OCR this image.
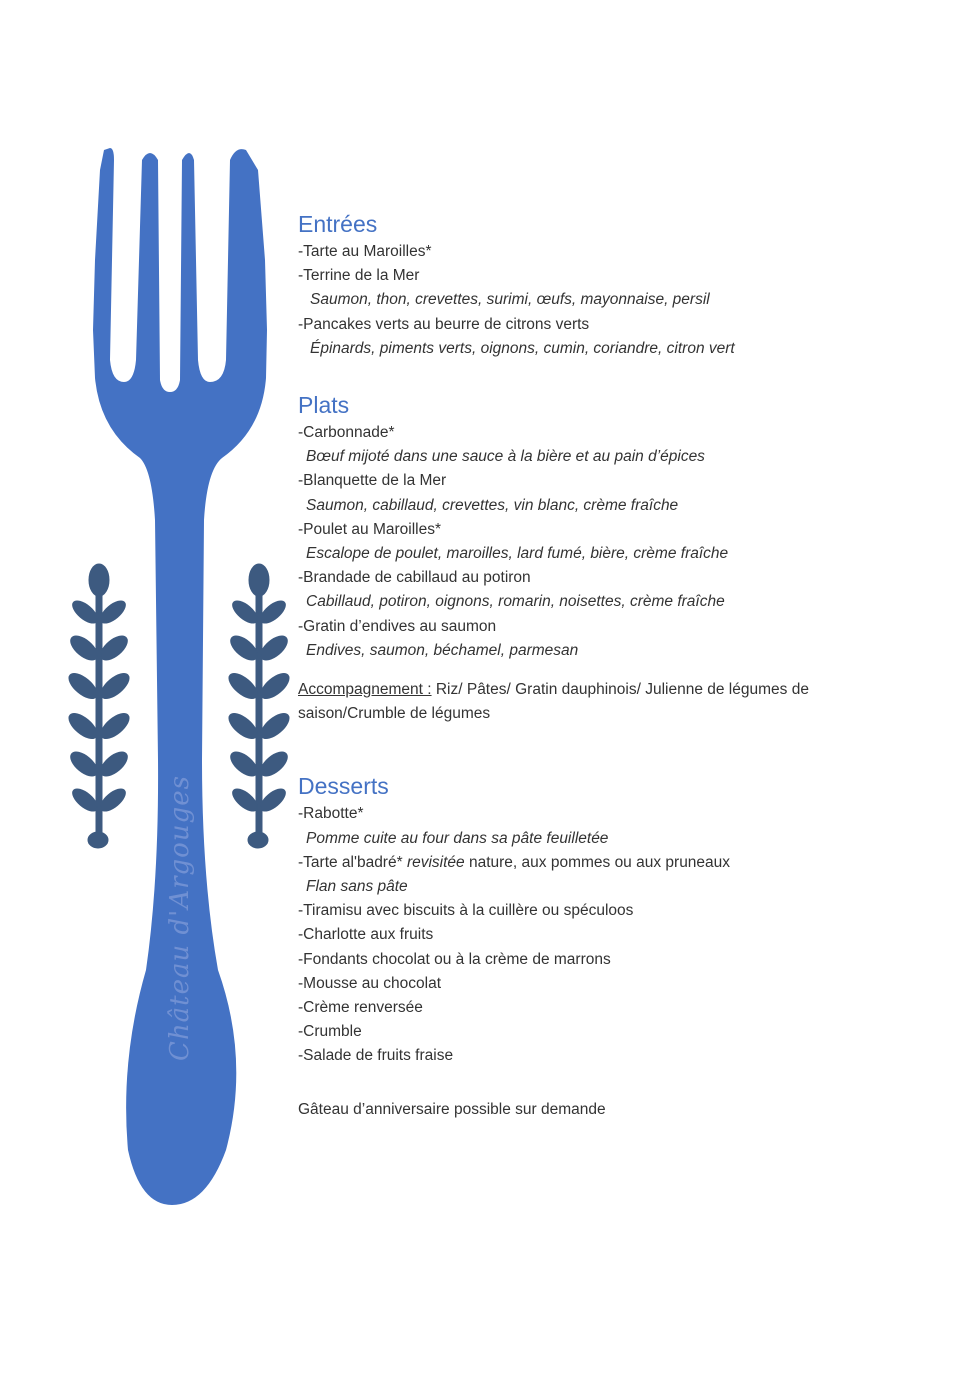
Château d'Argouges
Entrées

-Tarte au Maroilles*

-Terrine de la Mer

Saumon, thon, crevettes, surimi, œufs, mayonnaise, persil

-Pancakes verts au beurre de citrons verts

Épinards, piments verts, oignons, cumin, coriandre, citron vert

Plats

-Carbonnade*

Bœuf mijoté dans une sauce à la bière et au pain d’épices

-Blanquette de la Mer

Saumon, cabillaud, crevettes, vin blanc, crème fraîche

-Poulet au Maroilles*

Escalope de poulet, maroilles, lard fumé, bière, crème fraîche

-Brandade de cabillaud au potiron

Cabillaud, potiron, oignons, romarin, noisettes, crème fraîche

-Gratin d’endives au saumon

Endives, saumon, béchamel, parmesan

Accompagnement : Riz/ Pâtes/ Gratin dauphinois/ Julienne de légumes de saison/Crumble de légumes

Desserts

-Rabotte*

Pomme cuite au four dans sa pâte feuilletée

-Tarte al'badré* revisitée nature, aux pommes ou aux pruneaux

Flan sans pâte

-Tiramisu avec biscuits à la cuillère ou spéculoos

-Charlotte aux fruits

-Fondants chocolat ou à la crème de marrons

-Mousse au chocolat

-Crème renversée

-Crumble

-Salade de fruits fraise

Gâteau d’anniversaire possible sur demande
